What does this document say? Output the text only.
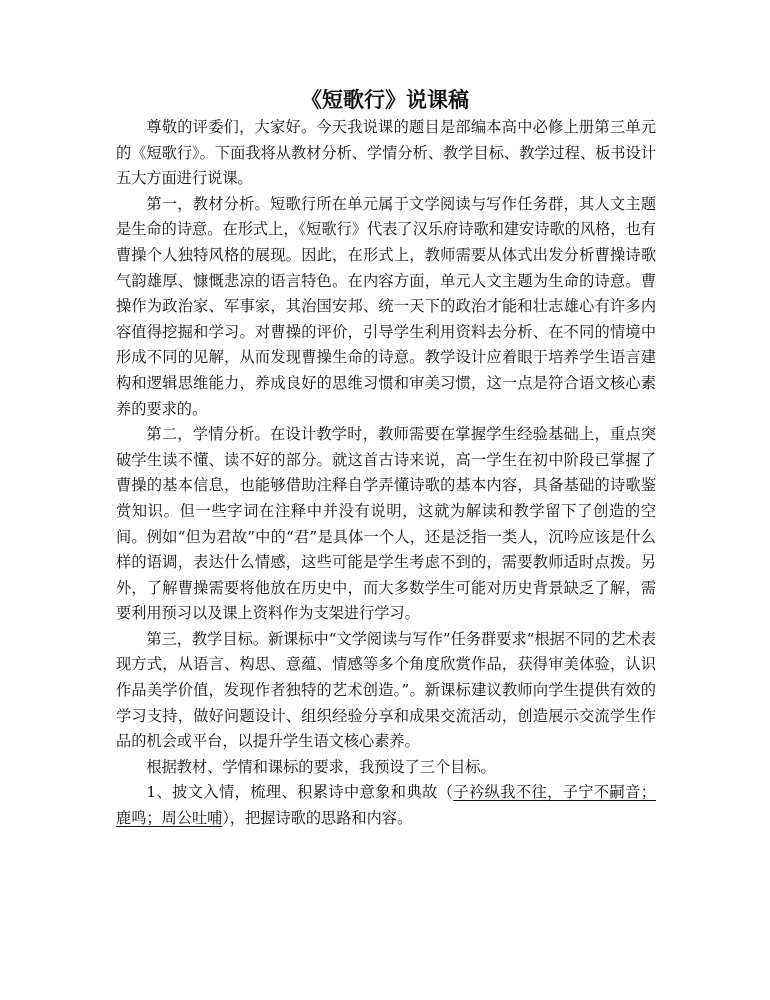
《短歌行》说课稿

尊敬的评委们，大家好。今天我说课的题目是部编本高中必修上册第三单元的《短歌行》。下面我将从教材分析、学情分析、教学目标、教学过程、板书设计五大方面进行说课。

第一，教材分析。短歌行所在单元属于文学阅读与写作任务群，其人文主题是生命的诗意。在形式上，《短歌行》代表了汉乐府诗歌和建安诗歌的风格，也有曹操个人独特风格的展现。因此，在形式上，教师需要从体式出发分析曹操诗歌气韵雄厚、慷慨悲凉的语言特色。在内容方面，单元人文主题为生命的诗意。曹操作为政治家、军事家，其治国安邦、统一天下的政治才能和壮志雄心有许多内容值得挖掘和学习。对曹操的评价，引导学生利用资料去分析、在不同的情境中形成不同的见解，从而发现曹操生命的诗意。教学设计应着眼于培养学生语言建构和逻辑思维能力，养成良好的思维习惯和审美习惯，这一点是符合语文核心素养的要求的。

第二，学情分析。在设计教学时，教师需要在掌握学生经验基础上，重点突破学生读不懂、读不好的部分。就这首古诗来说，高一学生在初中阶段已掌握了曹操的基本信息，也能够借助注释自学弄懂诗歌的基本内容，具备基础的诗歌鉴赏知识。但一些字词在注释中并没有说明，这就为解读和教学留下了创造的空间。例如“但为君故”中的“君”是具体一个人，还是泛指一类人，沉吟应该是什么样的语调，表达什么情感，这些可能是学生考虑不到的，需要教师适时点拨。另外，了解曹操需要将他放在历史中，而大多数学生可能对历史背景缺乏了解，需要利用预习以及课上资料作为支架进行学习。

第三，教学目标。新课标中“文学阅读与写作”任务群要求“根据不同的艺术表现方式，从语言、构思、意蕴、情感等多个角度欣赏作品，获得审美体验，认识作品美学价值，发现作者独特的艺术创造。”。新课标建议教师向学生提供有效的学习支持，做好问题设计、组织经验分享和成果交流活动，创造展示交流学生作品的机会或平台，以提升学生语文核心素养。

根据教材、学情和课标的要求，我预设了三个目标。

1、披文入情，梳理、积累诗中意象和典故（子衿纵我不往，子宁不嗣音；鹿鸣；周公吐哺），把握诗歌的思路和内容。
